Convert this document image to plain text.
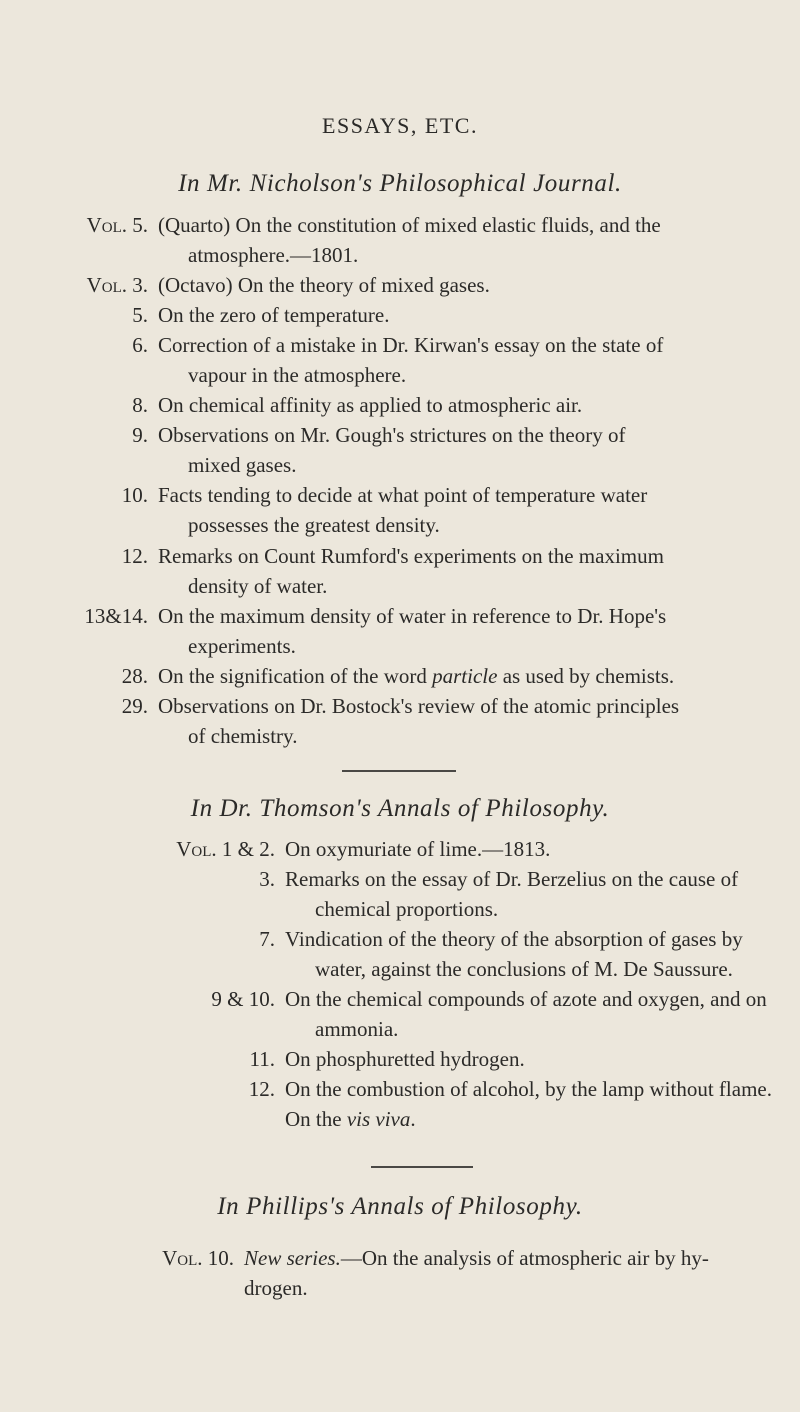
ESSAYS, ETC.
In Mr. Nicholson's Philosophical Journal.
Vol. 5. (Quarto) On the constitution of mixed elastic fluids, and the
atmosphere.—1801.
Vol. 3. (Octavo) On the theory of mixed gases.
5. On the zero of temperature.
6. Correction of a mistake in Dr. Kirwan's essay on the state of
vapour in the atmosphere.
8. On chemical affinity as applied to atmospheric air.
9. Observations on Mr. Gough's strictures on the theory of
mixed gases.
10. Facts tending to decide at what point of temperature water
possesses the greatest density.
12. Remarks on Count Rumford's experiments on the maximum
density of water.
13&14. On the maximum density of water in reference to Dr. Hope's
experiments.
28. On the signification of the word particle as used by chemists.
29. Observations on Dr. Bostock's review of the atomic principles
of chemistry.
In Dr. Thomson's Annals of Philosophy.
Vol. 1 & 2. On oxymuriate of lime.—1813.
3. Remarks on the essay of Dr. Berzelius on the cause of
chemical proportions.
7. Vindication of the theory of the absorption of gases by
water, against the conclusions of M. De Saussure.
9 & 10. On the chemical compounds of azote and oxygen, and on
ammonia.
11. On phosphuretted hydrogen.
12. On the combustion of alcohol, by the lamp without flame.
On the vis viva.
In Phillips's Annals of Philosophy.
Vol. 10. New series.—On the analysis of atmospheric air by hy-
drogen.
